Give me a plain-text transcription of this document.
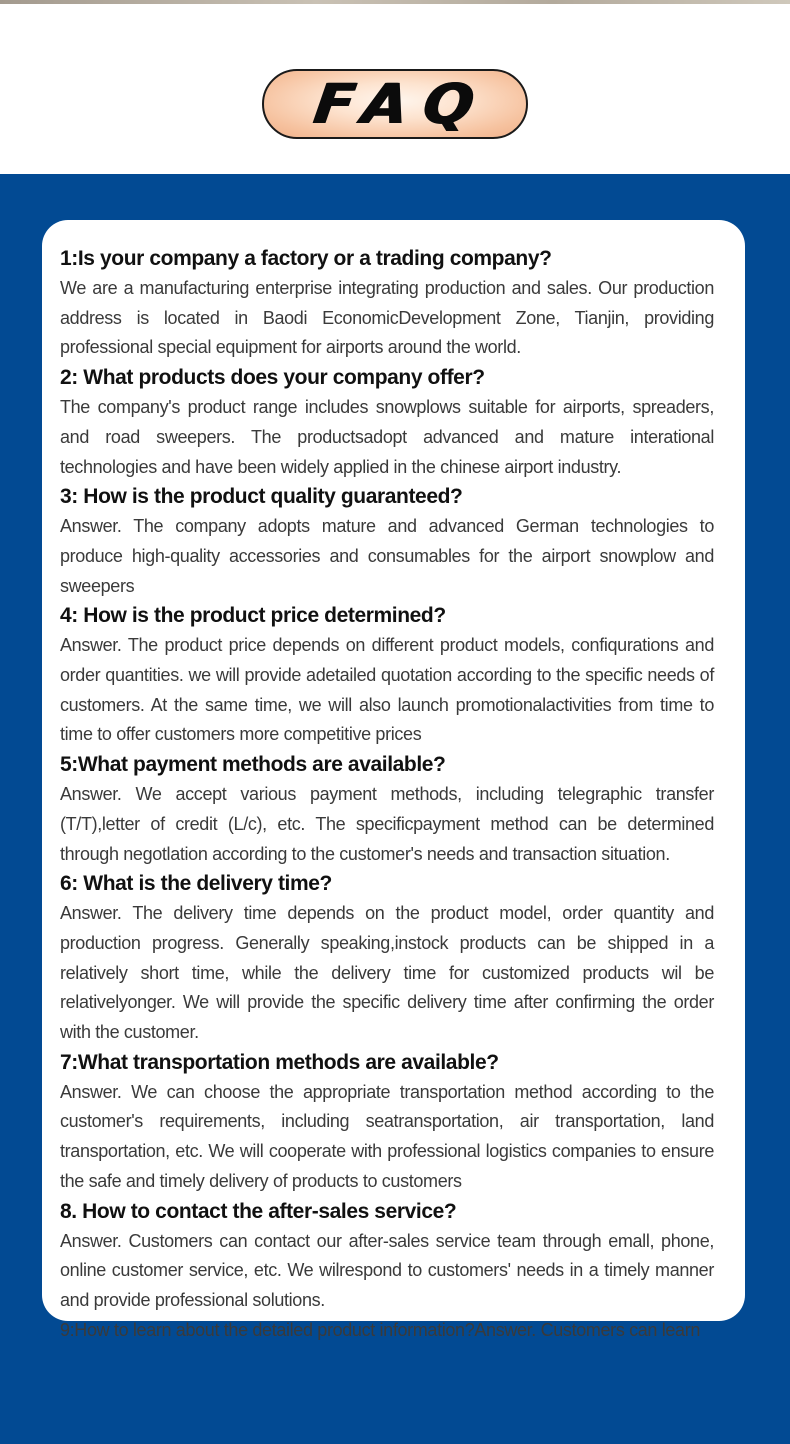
FAQ
1:Is your company a factory or a trading company?

We are a manufacturing enterprise integrating production and sales. Our production address is located in Baodi EconomicDevelopment Zone, Tianjin, providing professional special equipment for airports around the world.

2: What products does your company offer?

The company's product range includes snowplows suitable for airports, spreaders, and road sweepers. The productsadopt advanced and mature interational technologies and have been widely applied in the chinese airport industry.

3: How is the product quality guaranteed?

Answer. The company adopts mature and advanced German technologies to produce high-quality accessories and consumables for the airport snowplow and sweepers

4: How is the product price determined?

Answer. The product price depends on different product models, confiqurations and order quantities. we will provide adetailed quotation according to the specific needs of customers. At the same time, we will also launch promotionalactivities from time to time to offer customers more competitive prices

5:What payment methods are available?

Answer. We accept various payment methods, including telegraphic transfer (T/T),letter of credit (L/c), etc. The specificpayment method can be determined through negotlation according to the customer's needs and transaction situation.

6: What is the delivery time?

Answer. The delivery time depends on the product model, order quantity and production progress. Generally speaking,instock products can be shipped in a relatively short time, while the delivery time for customized products wil be relativelyonger. We will provide the specific delivery time after confirming the order with the customer.

7:What transportation methods are available?

Answer. We can choose the appropriate transportation method according to the customer's requirements, including seatransportation, air transportation, land transportation, etc. We will cooperate with professional logistics companies to ensure the safe and timely delivery of products to customers

8. How to contact the after-sales service?

Answer. Customers can contact our after-sales service team through emall, phone, online customer service, etc. We wilrespond to customers' needs in a timely manner and provide professional solutions.

9:How to learn about the detailed product information?Answer. Customers can learn
